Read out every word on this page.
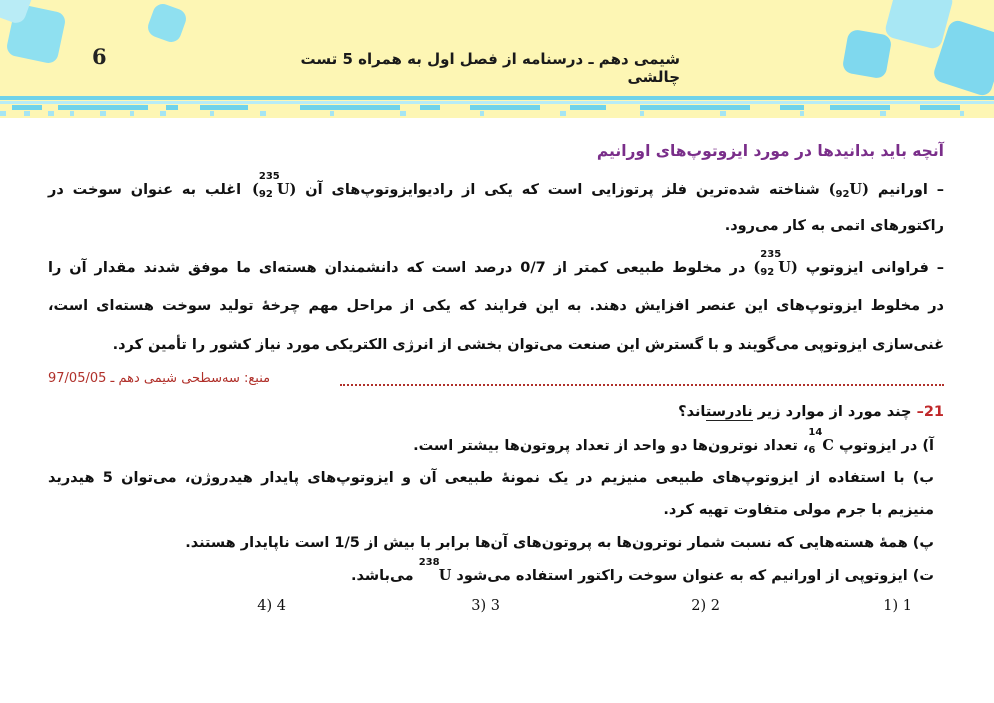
6	شیمی دهم ـ درسنامه از فصل اول به همراه 5 تست چالشی
آنچه باید بدانیدها در مورد ایزوتوپ‌های اورانیم
– اورانیم $(_{92}U)$ شناخته شده‌ترین فلز پرتوزایی است که یکی از رادیوایزوتوپ‌های آن (
235
92 U) اغلب به عنوان سوخت در
راکتورهای اتمی به کار می‌رود.
– فراوانی ایزوتوپ (
235
92 U) در مخلوط طبیعی کمتر از 0/7 درصد است که دانشمندان هسته‌ای ما موفق شدند مقدار آن را
در مخلوط ایزوتوپ‌های این عنصر افزایش دهند. به این فرایند که یکی از مراحل مهم چرخهٔ تولید سوخت هسته‌ای است،
غنی‌سازی ایزوتوپی می‌گویند و با گسترش این صنعت می‌توان بخشی از انرژی الکتریکی مورد نیاز کشور را تأمین کرد.
منبع: سه‌سطحی شیمی دهم ـ 97/05/05
21– چند مورد از موارد زیر نادرستاند؟
آ) در ایزوتوپ
14
6 C، تعداد نوترون‌ها دو واحد از تعداد پروتون‌ها بیشتر است.
ب) با استفاده از ایزوتوپ‌های طبیعی منیزیم در یک نمونهٔ طبیعی آن و ایزوتوپ‌های پایدار هیدروژن، می‌توان 5 هیدرید
منیزیم با جرم مولی متفاوت تهیه کرد.
پ) همهٔ هسته‌هایی که نسبت شمار نوترون‌ها به پروتون‌های آن‌ها برابر با بیش از 1/5 است ناپایدار هستند.
ت) ایزوتوپی از اورانیم که به عنوان سوخت راکتور استفاده می‌شود
238
U می‌باشد.
1 (1
2 (2
3 (3
4 (4
